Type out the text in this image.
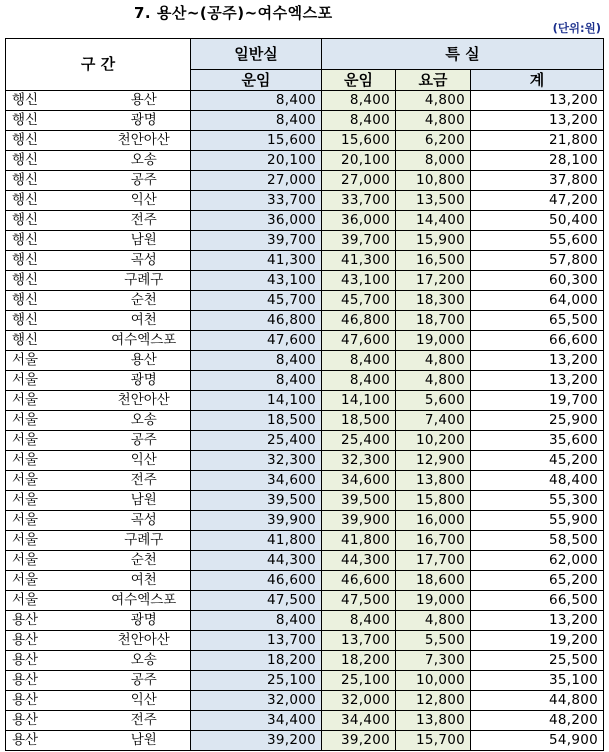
7. 용산~(공주)~여수엑스포
(단위:원)
구 간		일반실	특 실		
		운임	운임	요금	계
행신	용산	8,400	8,400	4,800	13,200
행신	광명	8,400	8,400	4,800	13,200
행신	천안아산	15,600	15,600	6,200	21,800
행신	오송	20,100	20,100	8,000	28,100
행신	공주	27,000	27,000	10,800	37,800
행신	익산	33,700	33,700	13,500	47,200
행신	전주	36,000	36,000	14,400	50,400
행신	남원	39,700	39,700	15,900	55,600
행신	곡성	41,300	41,300	16,500	57,800
행신	구례구	43,100	43,100	17,200	60,300
행신	순천	45,700	45,700	18,300	64,000
행신	여천	46,800	46,800	18,700	65,500
행신	여수엑스포	47,600	47,600	19,000	66,600
서울	용산	8,400	8,400	4,800	13,200
서울	광명	8,400	8,400	4,800	13,200
서울	천안아산	14,100	14,100	5,600	19,700
서울	오송	18,500	18,500	7,400	25,900
서울	공주	25,400	25,400	10,200	35,600
서울	익산	32,300	32,300	12,900	45,200
서울	전주	34,600	34,600	13,800	48,400
서울	남원	39,500	39,500	15,800	55,300
서울	곡성	39,900	39,900	16,000	55,900
서울	구례구	41,800	41,800	16,700	58,500
서울	순천	44,300	44,300	17,700	62,000
서울	여천	46,600	46,600	18,600	65,200
서울	여수엑스포	47,500	47,500	19,000	66,500
용산	광명	8,400	8,400	4,800	13,200
용산	천안아산	13,700	13,700	5,500	19,200
용산	오송	18,200	18,200	7,300	25,500
용산	공주	25,100	25,100	10,000	35,100
용산	익산	32,000	32,000	12,800	44,800
용산	전주	34,400	34,400	13,800	48,200
용산	남원	39,200	39,200	15,700	54,900
